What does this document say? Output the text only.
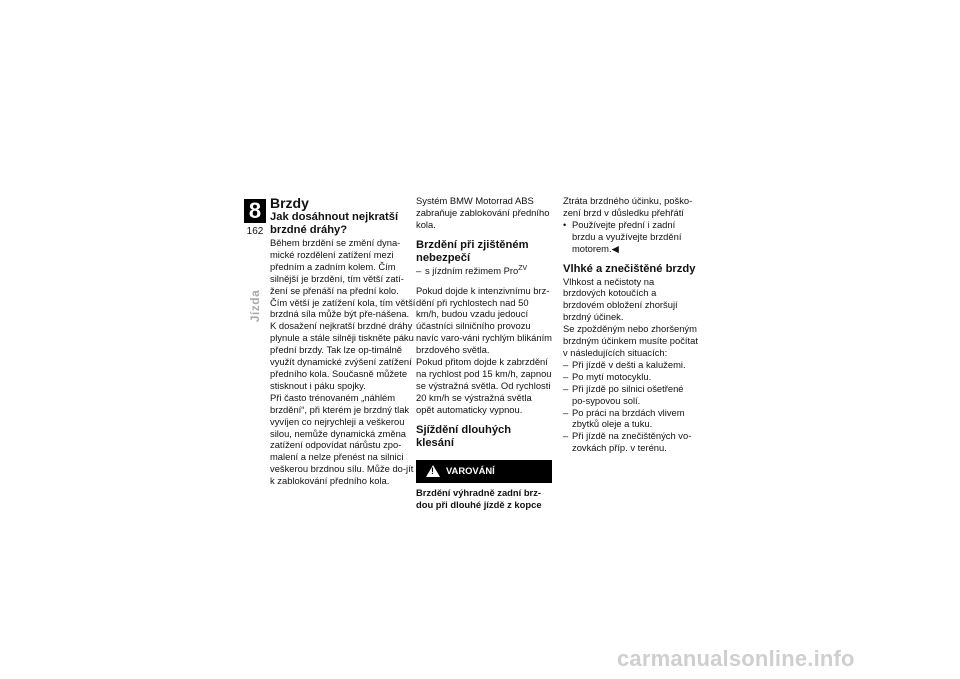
8
162
Jízda

Brzdy

Jak dosáhnout nejkratší brzdné dráhy?

Během brzdění se změní dyna-mické rozdělení zatížení mezi předním a zadním kolem. Čím silnější je brzdění, tím větší zatí-žení se přenáší na přední kolo. Čím větší je zatížení kola, tím větší brzdná síla může být pře-nášena.

K dosažení nejkratší brzdné dráhy plynule a stále silněji tiskněte páku přední brzdy. Tak lze op-timálně využít dynamické zvýšení zatížení předního kola. Současně můžete stisknout i páku spojky.

Při často trénovaném „náhlém brzdění“, při kterém je brzdný tlak vyvíjen co nejrychleji a veškerou silou, nemůže dynamická změna zatížení odpovídat nárůstu zpo-malení a nelze přenést na silnici veškerou brzdnou sílu. Může do-jít k zablokování předního kola.

Systém BMW Motorrad ABS zabraňuje zablokování předního kola.

Brzdění při zjištěném nebezpečí

– s jízdním režimem Pro$^{ZV}$

Pokud dojde k intenzivnímu brz-dění při rychlostech nad 50 km/h, budou vzadu jedoucí účastníci silničního provozu navíc varo-váni rychlým blikáním brzdového světla.

Pokud přitom dojde k zabrzdění na rychlost pod 15 km/h, zapnou se výstražná světla. Od rychlosti 20 km/h se výstražná světla opět automaticky vypnou.

Sjíždění dlouhých klesání

!
VAROVÁNÍ

Brzdění výhradně zadní brz-dou při dlouhé jízdě z kopce

Ztráta brzdného účinku, poško-zení brzd v důsledku přehřátí

• Používejte přední i zadní brzdu a využívejte brzdění motorem.◀

Vlhké a znečištěné brzdy

Vlhkost a nečistoty na brzdových kotoučích a brzdovém obložení zhoršují brzdný účinek.

Se zpožděným nebo zhoršeným brzdným účinkem musíte počítat v následujících situacích:

– Při jízdě v dešti a kalužemi.

– Po mytí motocyklu.

– Při jízdě po silnici ošetřené po-sypovou solí.

– Po práci na brzdách vlivem zbytků oleje a tuku.

– Při jízdě na znečištěných vo-zovkách příp. v terénu.

carmanualsonline.info
